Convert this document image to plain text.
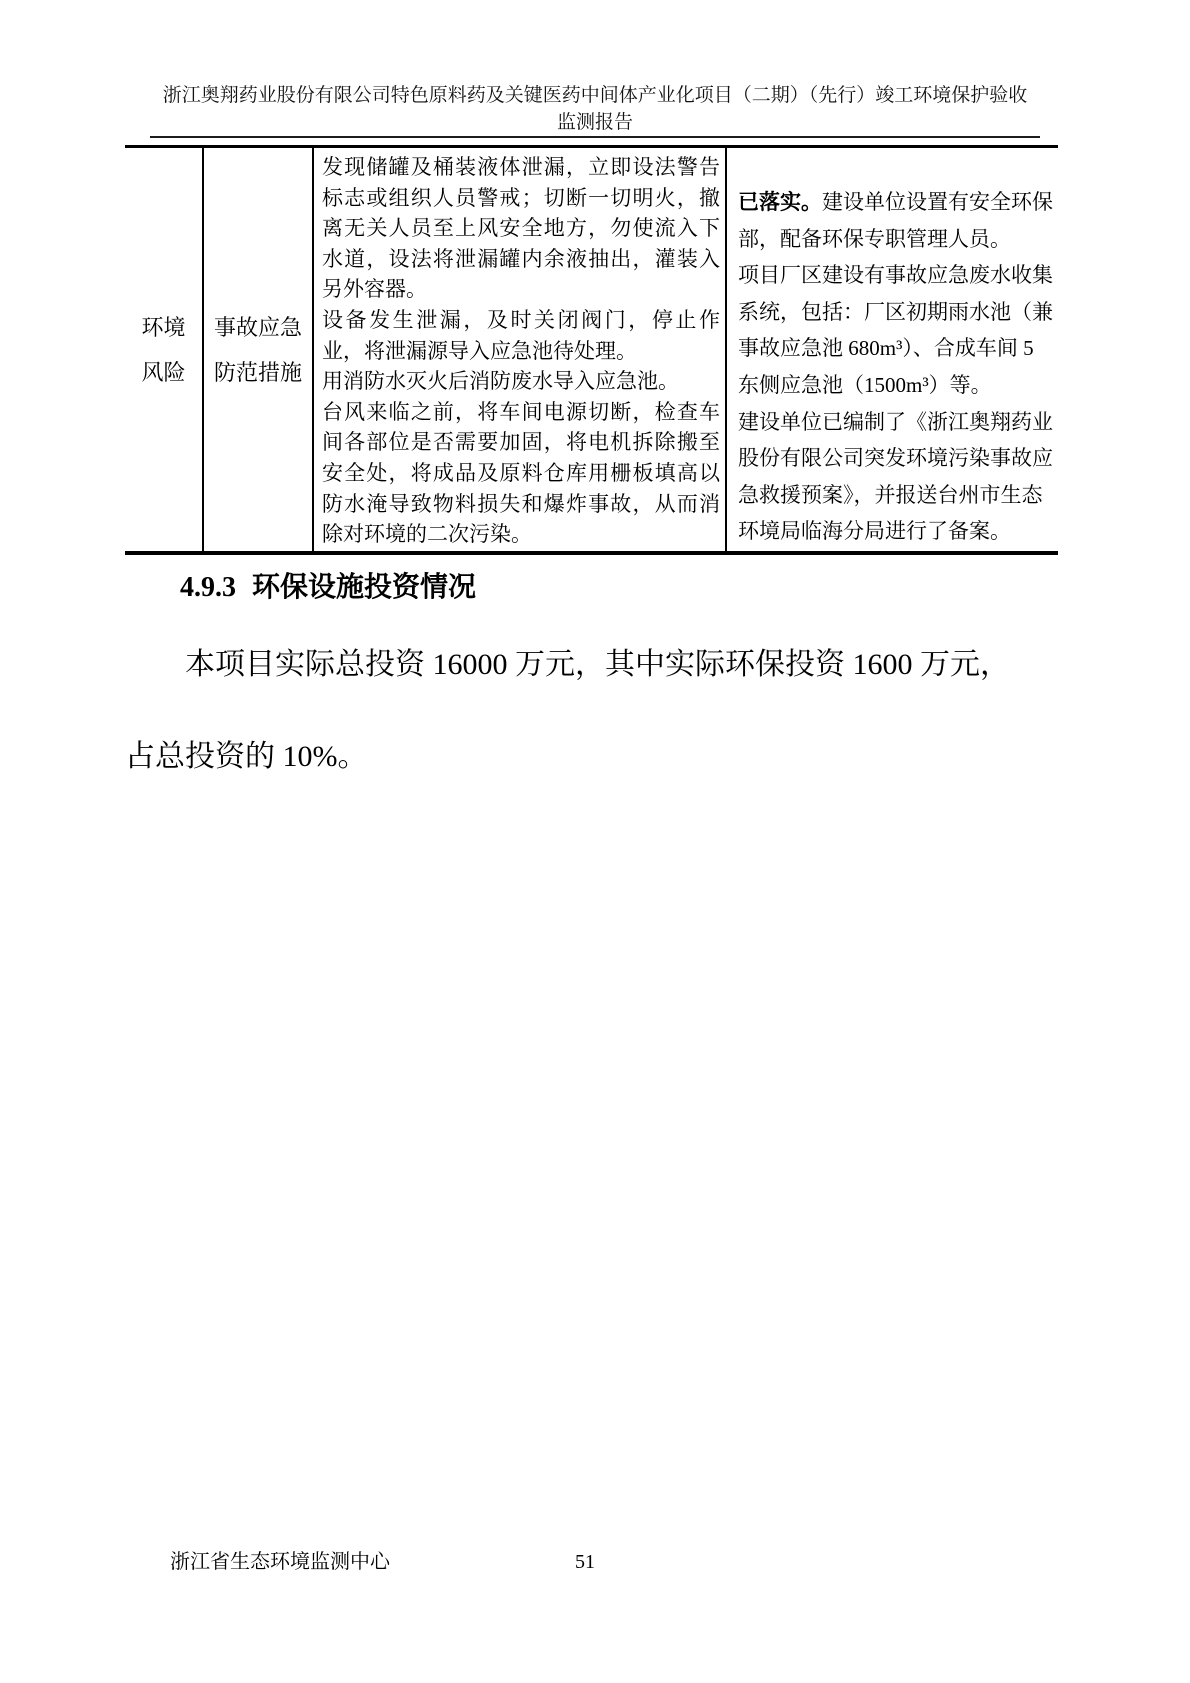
浙江奥翔药业股份有限公司特色原料药及关键医药中间体产业化项目（二期）（先行）竣工环境保护验收
监测报告
环境风险
事故应急防范措施

发现储罐及桶装液体泄漏，立即设法警告标志或组织人员警戒；切断一切明火，撤离无关人员至上风安全地方，勿使流入下水道，设法将泄漏罐内余液抽出，灌装入另外容器。

设备发生泄漏，及时关闭阀门，停止作业，将泄漏源导入应急池待处理。

用消防水灭火后消防废水导入应急池。

台风来临之前，将车间电源切断，检查车间各部位是否需要加固，将电机拆除搬至安全处，将成品及原料仓库用栅板填高以防水淹导致物料损失和爆炸事故，从而消除对环境的二次污染。

已落实。建设单位设置有安全环保部，配备环保专职管理人员。

项目厂区建设有事故应急废水收集系统，包括：厂区初期雨水池（兼事故应急池 680m³）、合成车间 5 东侧应急池（1500m³）等。

建设单位已编制了《浙江奥翔药业股份有限公司突发环境污染事故应急救援预案》，并报送台州市生态环境局临海分局进行了备案。

4.9.3 环保设施投资情况
本项目实际总投资 16000 万元，其中实际环保投资 1600 万元，
占总投资的 10%。
浙江省生态环境监测中心	51
